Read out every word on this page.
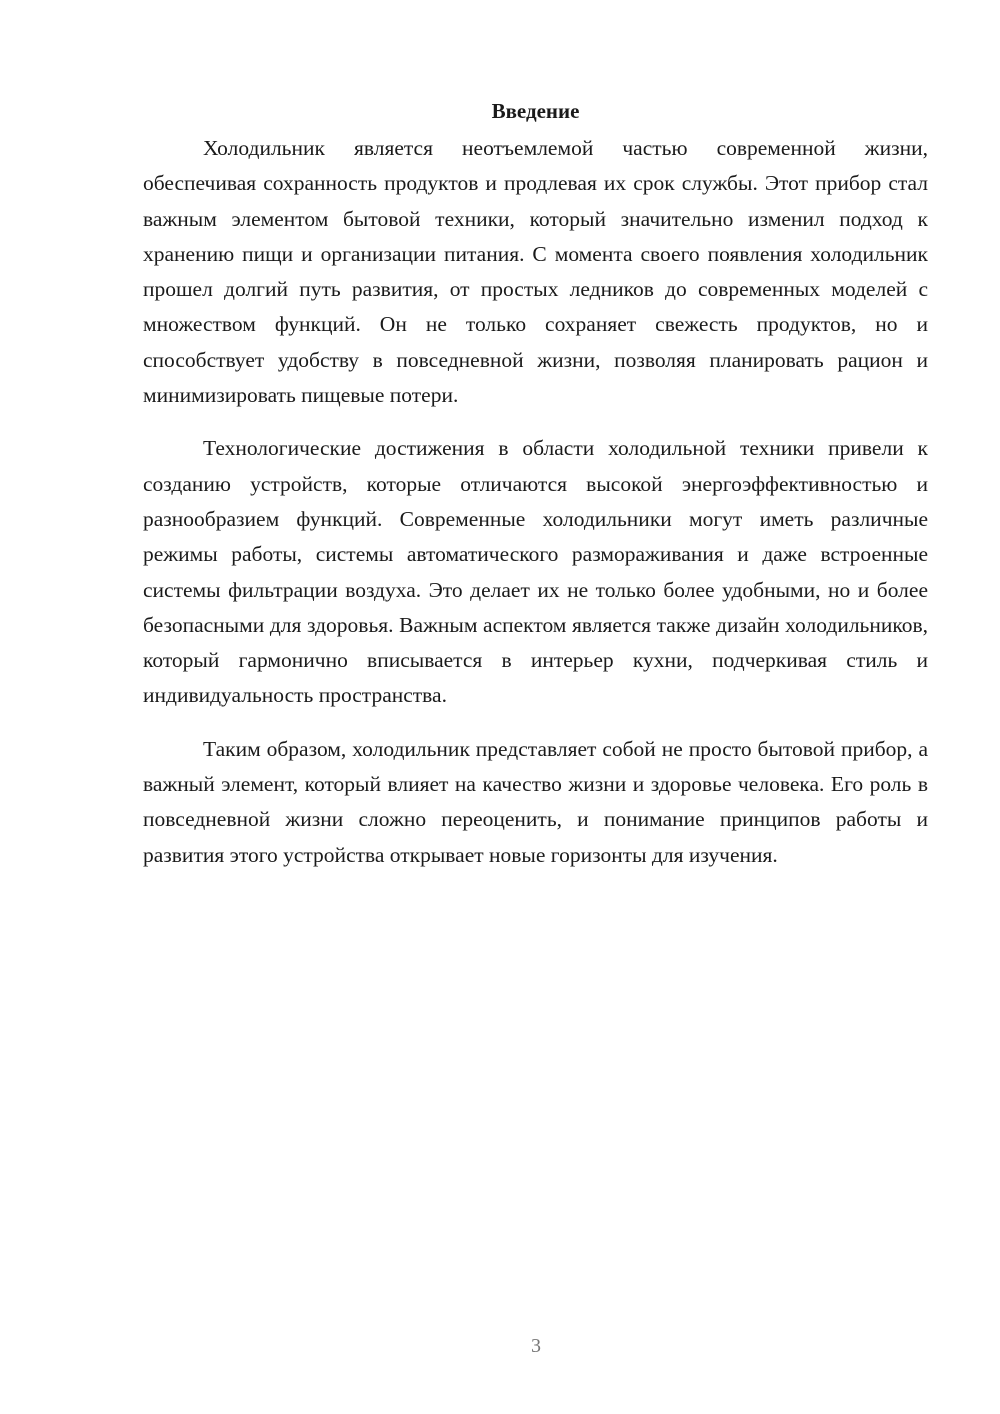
Введение

Холодильник является неотъемлемой частью современной жизни, обеспечивая сохранность продуктов и продлевая их срок службы. Этот прибор стал важным элементом бытовой техники, который значительно изменил подход к хранению пищи и организации питания. С момента своего появления холодильник прошел долгий путь развития, от простых ледников до современных моделей с множеством функций. Он не только сохраняет свежесть продуктов, но и способствует удобству в повседневной жизни, позволяя планировать рацион и минимизировать пищевые потери.

Технологические достижения в области холодильной техники привели к созданию устройств, которые отличаются высокой энергоэффективностью и разнообразием функций. Современные холодильники могут иметь различные режимы работы, системы автоматического размораживания и даже встроенные системы фильтрации воздуха. Это делает их не только более удобными, но и более безопасными для здоровья. Важным аспектом является также дизайн холодильников, который гармонично вписывается в интерьер кухни, подчеркивая стиль и индивидуальность пространства.

Таким образом, холодильник представляет собой не просто бытовой прибор, а важный элемент, который влияет на качество жизни и здоровье человека. Его роль в повседневной жизни сложно переоценить, и понимание принципов работы и развития этого устройства открывает новые горизонты для изучения.

3
